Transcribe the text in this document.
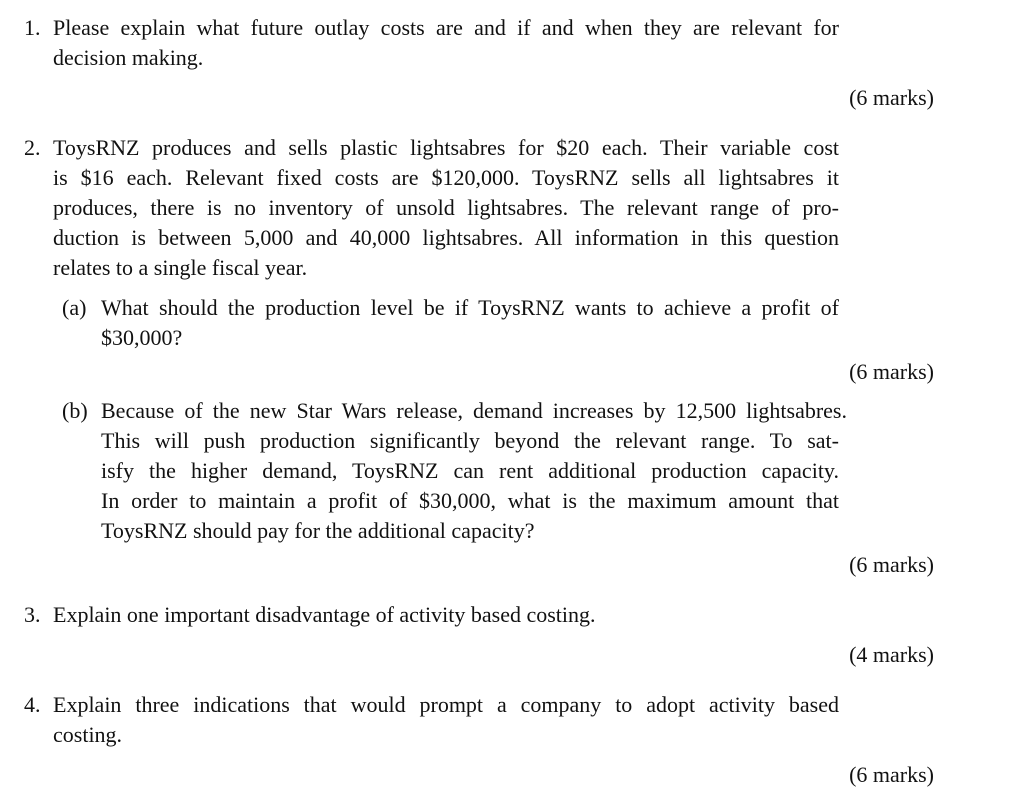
1. Please explain what future outlay costs are and if and when they are relevant for
decision making.
(6 marks)
2. ToysRNZ produces and sells plastic lightsabres for $20 each. Their variable cost
is $16 each. Relevant fixed costs are $120,000. ToysRNZ sells all lightsabres it
produces, there is no inventory of unsold lightsabres. The relevant range of pro-
duction is between 5,000 and 40,000 lightsabres. All information in this question
relates to a single fiscal year.
(a) What should the production level be if ToysRNZ wants to achieve a profit of
$30,000?
(6 marks)
(b) Because of the new Star Wars release, demand increases by 12,500 lightsabres.
This will push production significantly beyond the relevant range. To sat-
isfy the higher demand, ToysRNZ can rent additional production capacity.
In order to maintain a profit of $30,000, what is the maximum amount that
ToysRNZ should pay for the additional capacity?
(6 marks)
3. Explain one important disadvantage of activity based costing.
(4 marks)
4. Explain three indications that would prompt a company to adopt activity based
costing.
(6 marks)
